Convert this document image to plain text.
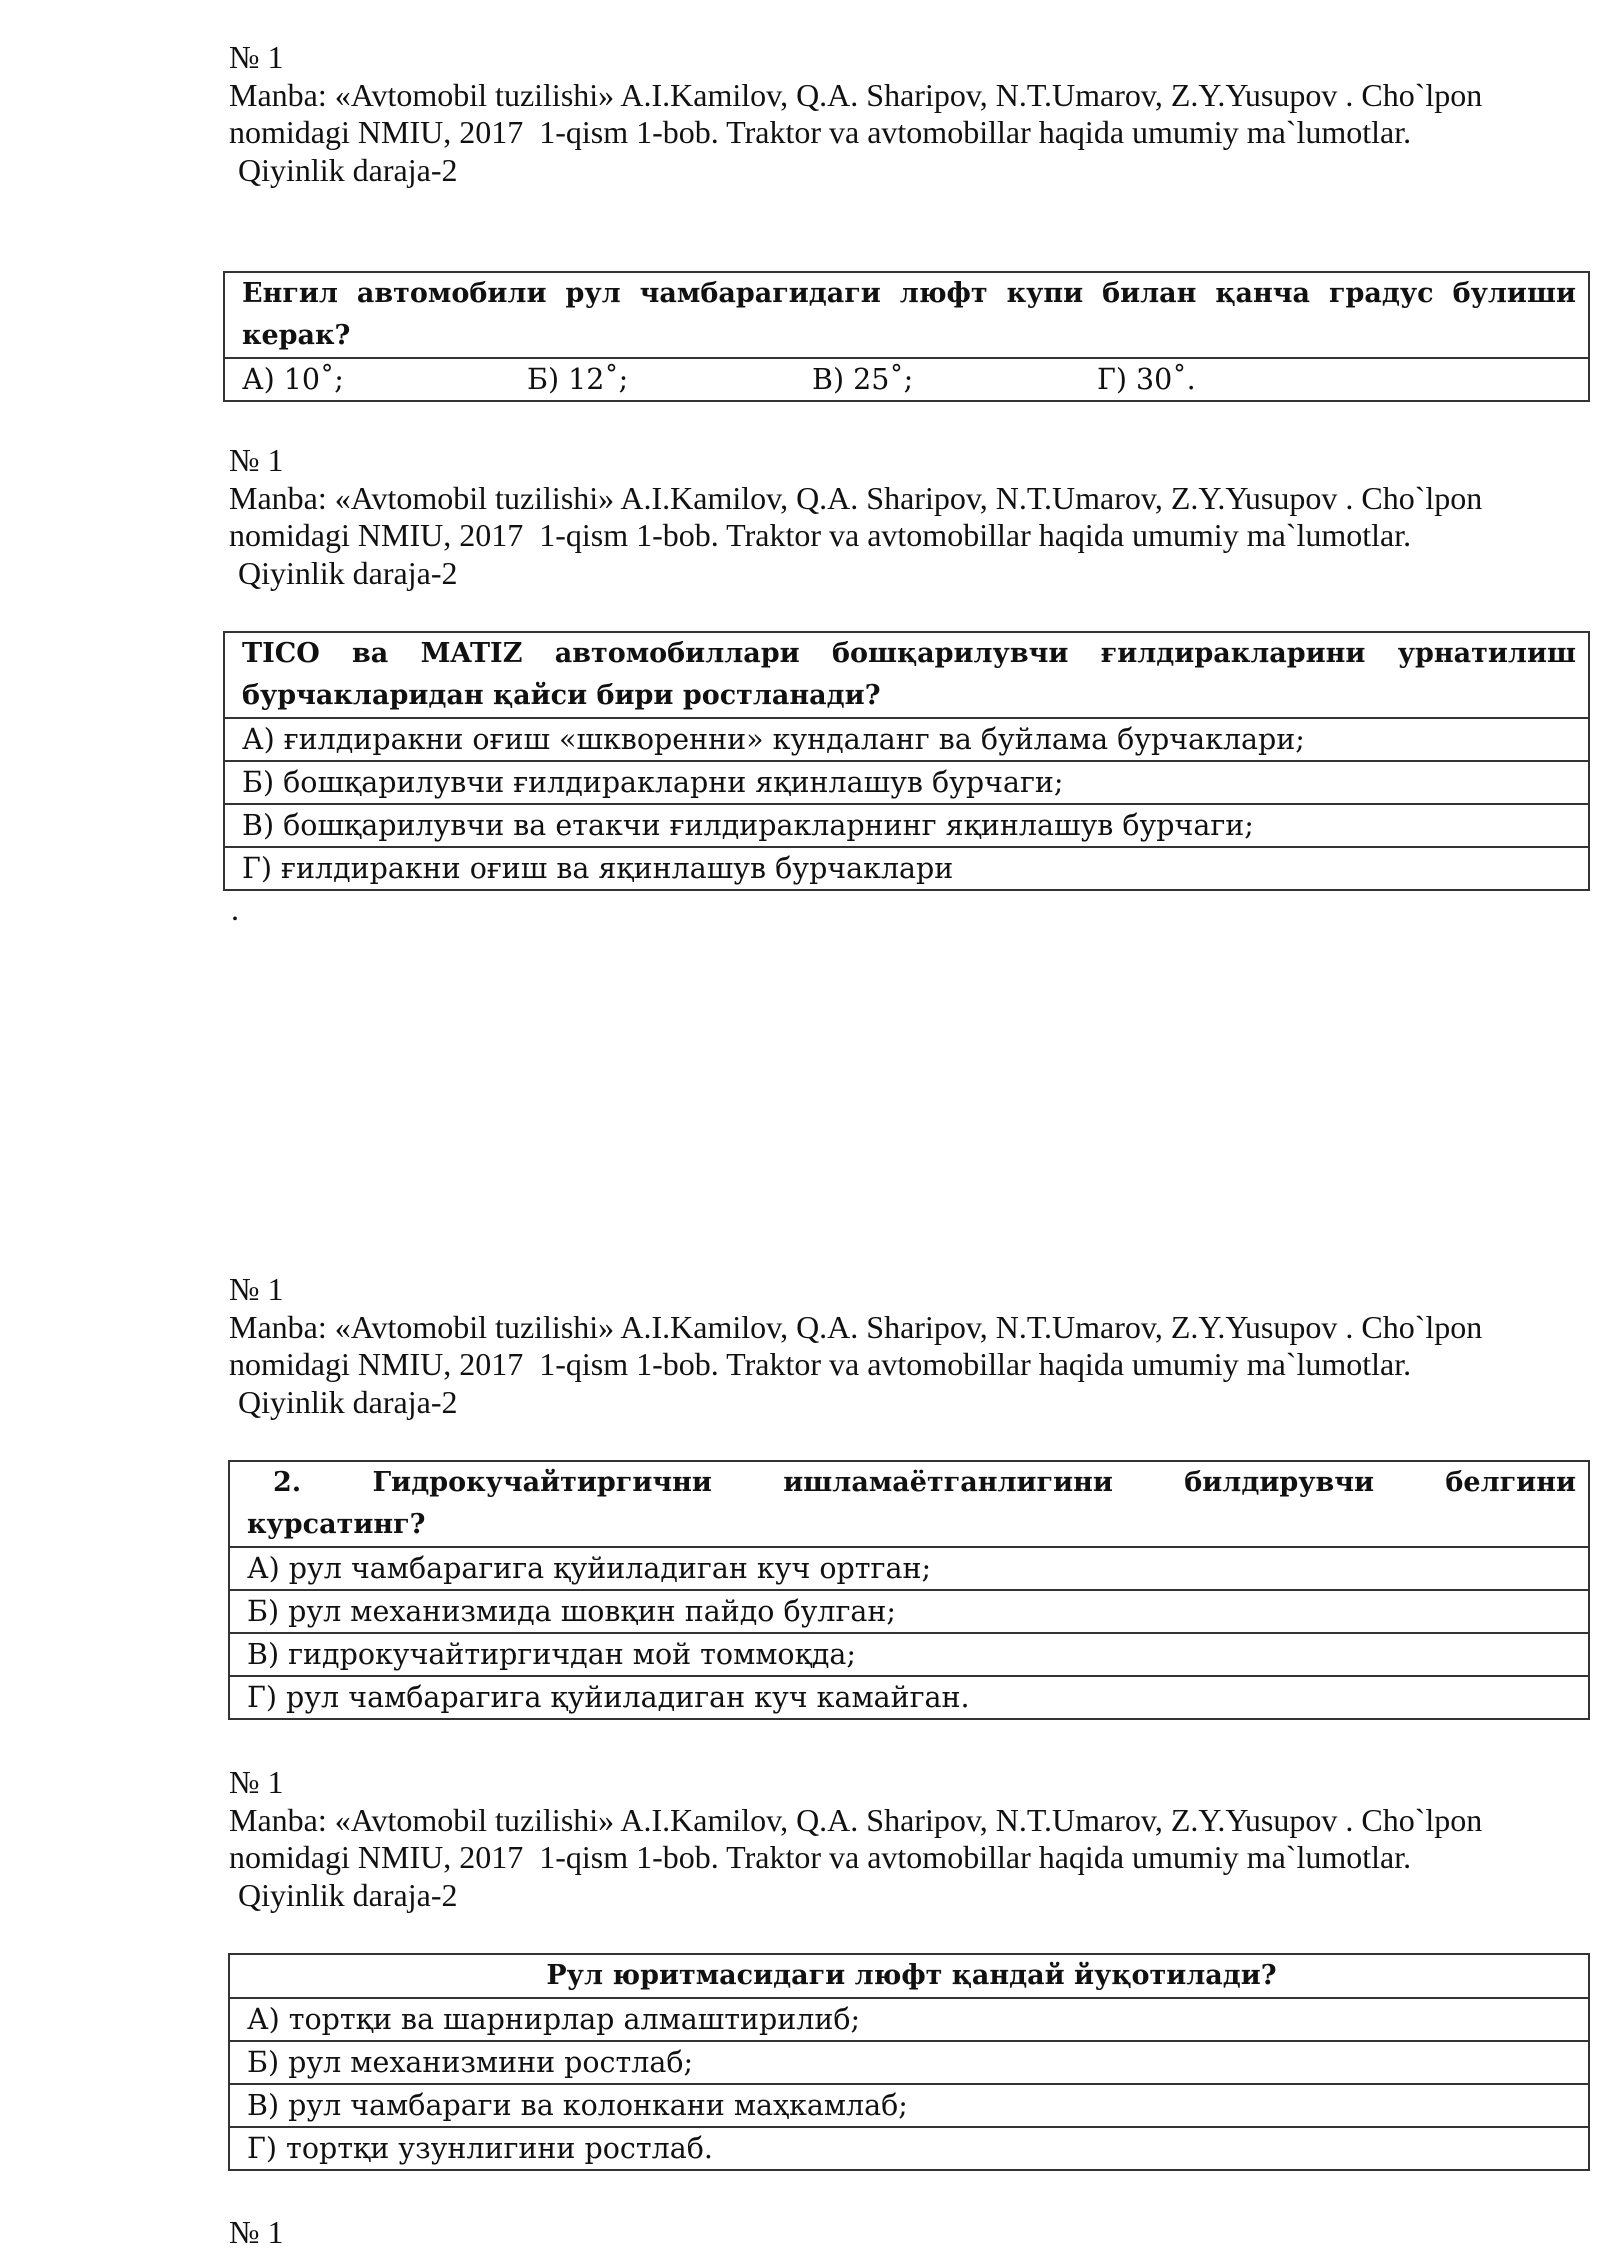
№ 1
Manba: «Avtomobil tuzilishi» A.I.Kamilov, Q.A. Sharipov, N.T.Umarov, Z.Y.Yusupov . Cho`lpon
nomidagi NMIU, 2017  1-qism 1-bob. Traktor va avtomobillar haqida umumiy ma`lumotlar.
Qiyinlik daraja-2
Енгил автомобили рул чамбарагидаги люфт купи билан қанча градус булиши
керак?
А) 10˚;	Б) 12˚;	В) 25˚;	Г) 30˚.
№ 1
Manba: «Avtomobil tuzilishi» A.I.Kamilov, Q.A. Sharipov, N.T.Umarov, Z.Y.Yusupov . Cho`lpon
nomidagi NMIU, 2017  1-qism 1-bob. Traktor va avtomobillar haqida umumiy ma`lumotlar.
Qiyinlik daraja-2
TICO ва MATIZ автомобиллари бошқарилувчи ғилдиракларини урнатилиш
бурчакларидан қайси бири ростланади?
А) ғилдиракни оғиш «шкворенни» кундаланг ва буйлама бурчаклари;
Б) бошқарилувчи ғилдиракларни яқинлашув бурчаги;
В) бошқарилувчи ва етакчи ғилдиракларнинг яқинлашув бурчаги;
Г) ғилдиракни оғиш ва яқинлашув бурчаклари
.
№ 1
Manba: «Avtomobil tuzilishi» A.I.Kamilov, Q.A. Sharipov, N.T.Umarov, Z.Y.Yusupov . Cho`lpon
nomidagi NMIU, 2017  1-qism 1-bob. Traktor va avtomobillar haqida umumiy ma`lumotlar.
Qiyinlik daraja-2
2. Гидрокучайтиргични ишламаётганлигини билдирувчи белгини
курсатинг?
А) рул чамбарагига қуйиладиган куч ортган;
Б) рул механизмида шовқин пайдо булган;
В) гидрокучайтиргичдан мой томмоқда;
Г) рул чамбарагига қуйиладиган куч камайган.
№ 1
Manba: «Avtomobil tuzilishi» A.I.Kamilov, Q.A. Sharipov, N.T.Umarov, Z.Y.Yusupov . Cho`lpon
nomidagi NMIU, 2017  1-qism 1-bob. Traktor va avtomobillar haqida umumiy ma`lumotlar.
Qiyinlik daraja-2
Рул юритмасидаги люфт қандай йуқотилади?
А) тортқи ва шарнирлар алмаштирилиб;
Б) рул механизмини ростлаб;
В) рул чамбараги ва колонкани маҳкамлаб;
Г) тортқи узунлигини ростлаб.
№ 1
